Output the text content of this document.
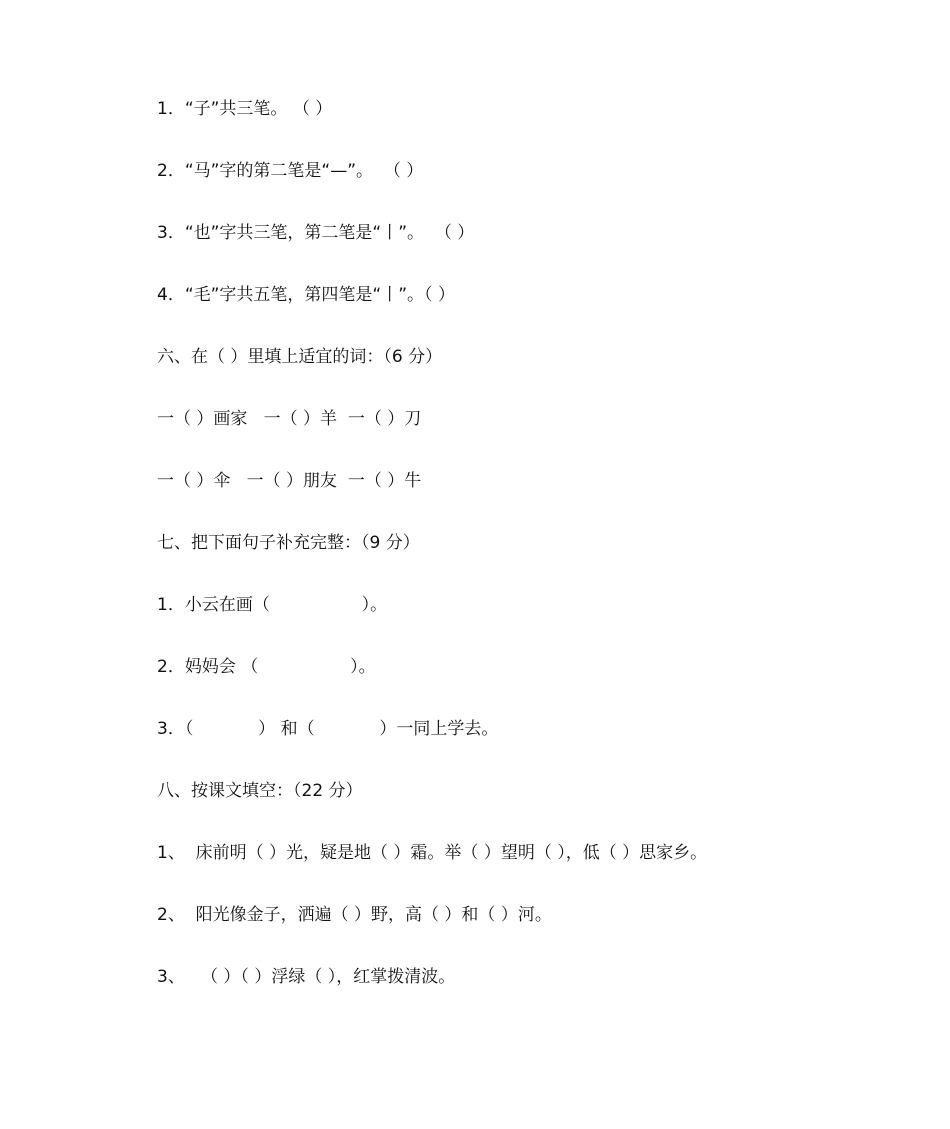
1．“子”共三笔。 （ ）
2．“马”字的第二笔是“—”。  （ ）
3．“也”字共三笔，第二笔是“丨”。  （ ）
4．“毛”字共五笔，第四笔是“丨”。（ ）
六、在（ ）里填上适宜的词：（6 分）
一（ ）画家   一（ ）羊  一（ ）刀
一（ ）伞   一（ ）朋友  一（ ）牛
七、把下面句子补充完整：（9 分）
1．小云在画（                 ）。
2．妈妈会 （                 ）。
3．（            ） 和（            ）一同上学去。
八、按课文填空：（22 分）
1、  床前明（ ）光，疑是地（ ）霜。举（ ）望明（ ），低（ ）思家乡。
2、  阳光像金子，洒遍（ ）野，高（ ）和（ ）河。
3、   （ ）（ ）浮绿（ ），红掌拨清波。
